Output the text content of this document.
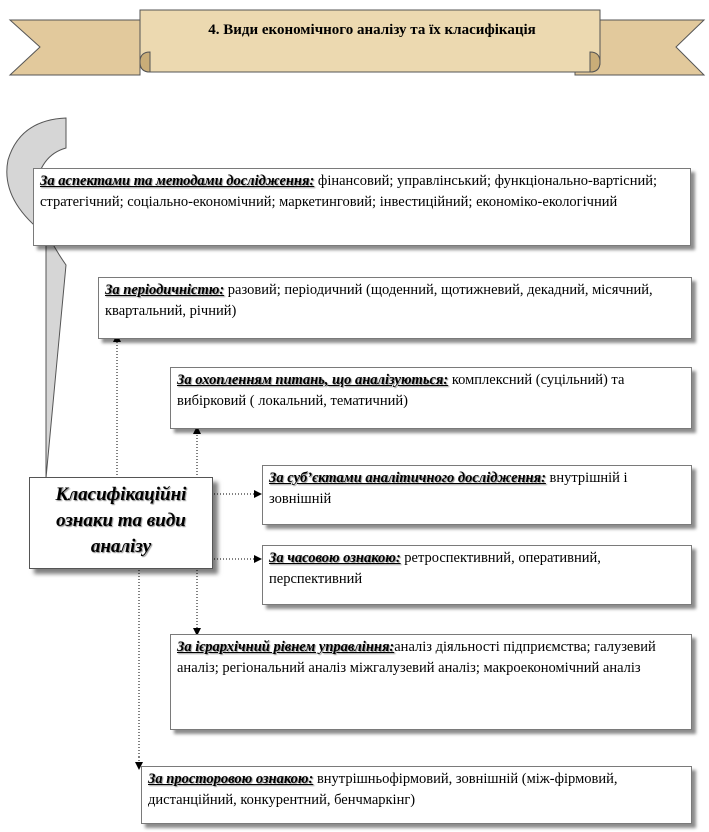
4. Види економічного аналізу та їх класифікація
За аспектами та методами дослідження: фінансовий; управлінський; функціонально-вартісний; стратегічний; соціально-економічний; маркетинговий; інвестиційний; економіко-екологічний
За періодичністю: разовий; періодичний (щоденний, щотижневий, декадний, місячний, квартальний, річний)
За охопленням питань, що аналізуються: комплексний (суцільний) та вибірковий ( локальний, тематичний)
За суб’єктами аналітичного дослідження: внутрішній і зовнішній
За часовою ознакою: ретроспективний, оперативний, перспективний
За ієрархічний рівнем управління:аналіз діяльності підприємства; галузевий аналіз; регіональний аналіз міжгалузевий аналіз; макроекономічний аналіз
За просторовою ознакою: внутрішньофірмовий, зовнішній (між-фірмовий, дистанційний, конкурентний, бенчмаркінг)
Класифікаційні
ознаки та види
аналізу
